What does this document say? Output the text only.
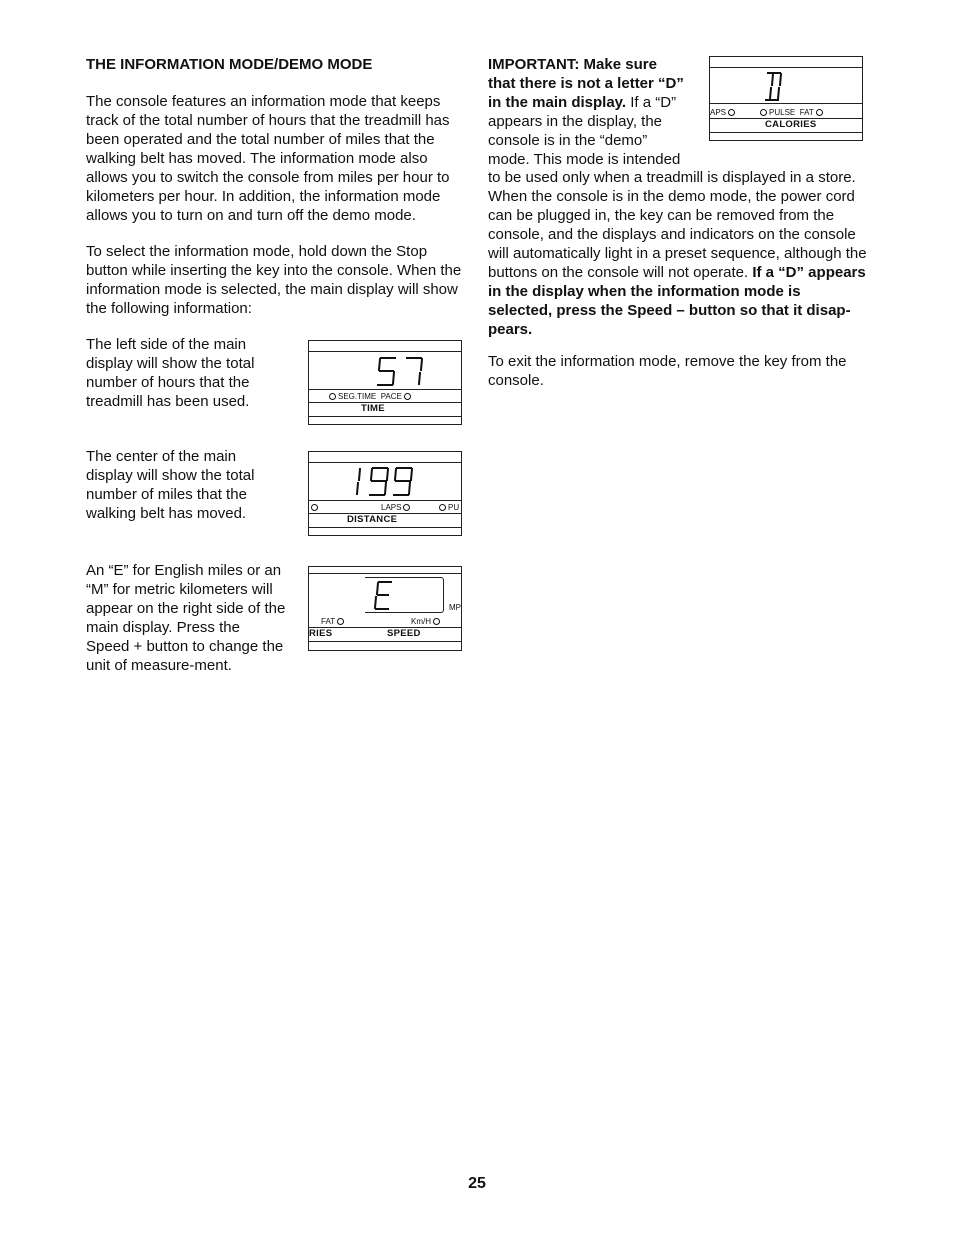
THE INFORMATION MODE/DEMO MODE

The console features an information mode that keeps track of the total number of hours that the treadmill has been operated and the total number of miles that the walking belt has moved. The information mode also allows you to switch the console from miles per hour to kilometers per hour. In addition, the information mode allows you to turn on and turn off the demo mode.

To select the information mode, hold down the Stop button while inserting the key into the console. When the information mode is selected, the main display will show the following information:

The left side of the main display will show the total number of hours that the treadmill has been used.

The center of the main display will show the total number of miles that the walking belt has moved.

An “E” for English miles or an “M” for metric kilometers will appear on the right side of the main display. Press the Speed + button to change the unit of measure-ment.

SEG.TIME PACE
TIME
LAPS	PU
DISTANCE
MP
FAT	Km/H
RIES	SPEED
APS	PULSE FAT
CALORIES

IMPORTANT: Make sure that there is not a letter “D” in the main display. If a “D” appears in the display, the console is in the “demo” mode. This mode is intended

to be used only when a treadmill is displayed in a store. When the console is in the demo mode, the power cord can be plugged in, the key can be removed from the console, and the displays and indicators on the console will automatically light in a preset sequence, although the buttons on the console will not operate. If a “D” appears in the display when the information mode is selected, press the Speed – button so that it disap-pears.

To exit the information mode, remove the key from the console.

25
